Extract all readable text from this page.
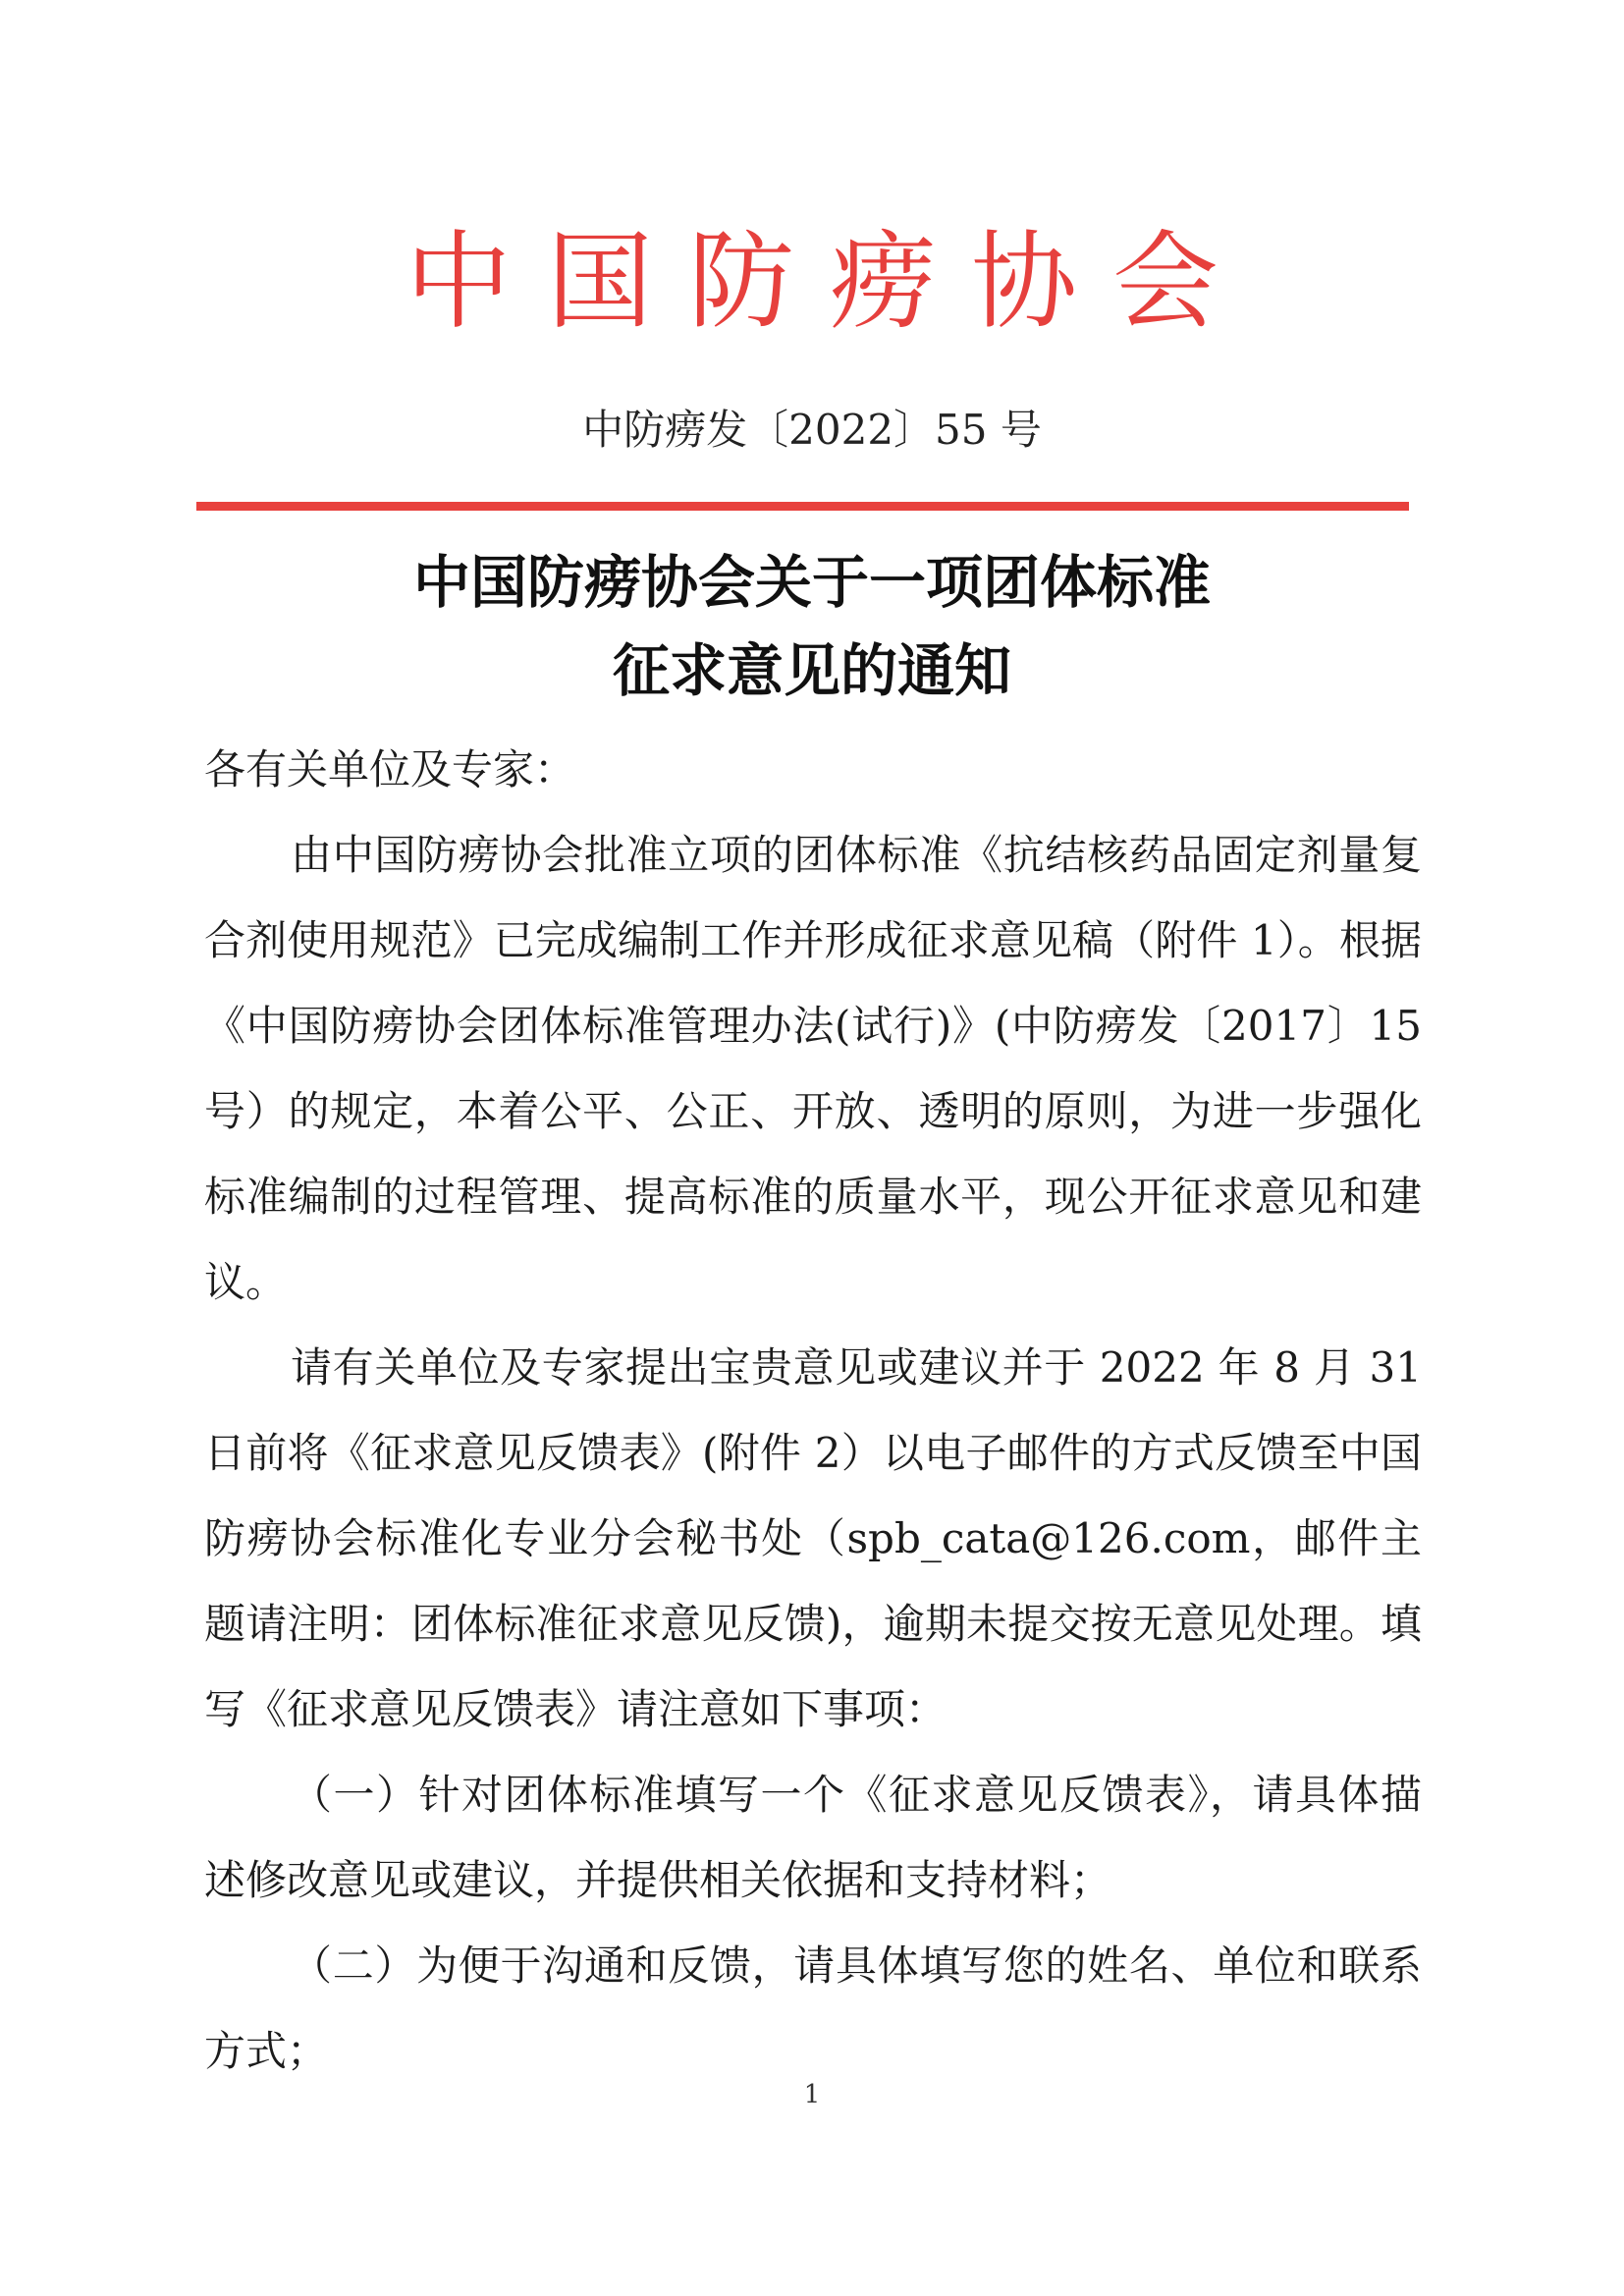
中国防痨协会
中防痨发〔2022〕55 号
中国防痨协会关于一项团体标准
征求意见的通知

各有关单位及专家：

由中国防痨协会批准立项的团体标准《抗结核药品固定剂量复合剂使用规范》已完成编制工作并形成征求意见稿（附件 1）。根据《中国防痨协会团体标准管理办法(试行)》(中防痨发〔2017〕15 号）的规定，本着公平、公正、开放、透明的原则，为进一步强化标准编制的过程管理、提高标准的质量水平，现公开征求意见和建议。

请有关单位及专家提出宝贵意见或建议并于 2022 年 8 月 31 日前将《征求意见反馈表》(附件 2）以电子邮件的方式反馈至中国防痨协会标准化专业分会秘书处（spb_cata@126.com，邮件主题请注明：团体标准征求意见反馈)，逾期未提交按无意见处理。填写《征求意见反馈表》请注意如下事项：

（一）针对团体标准填写一个《征求意见反馈表》，请具体描述修改意见或建议，并提供相关依据和支持材料；

（二）为便于沟通和反馈，请具体填写您的姓名、单位和联系方式；

1
